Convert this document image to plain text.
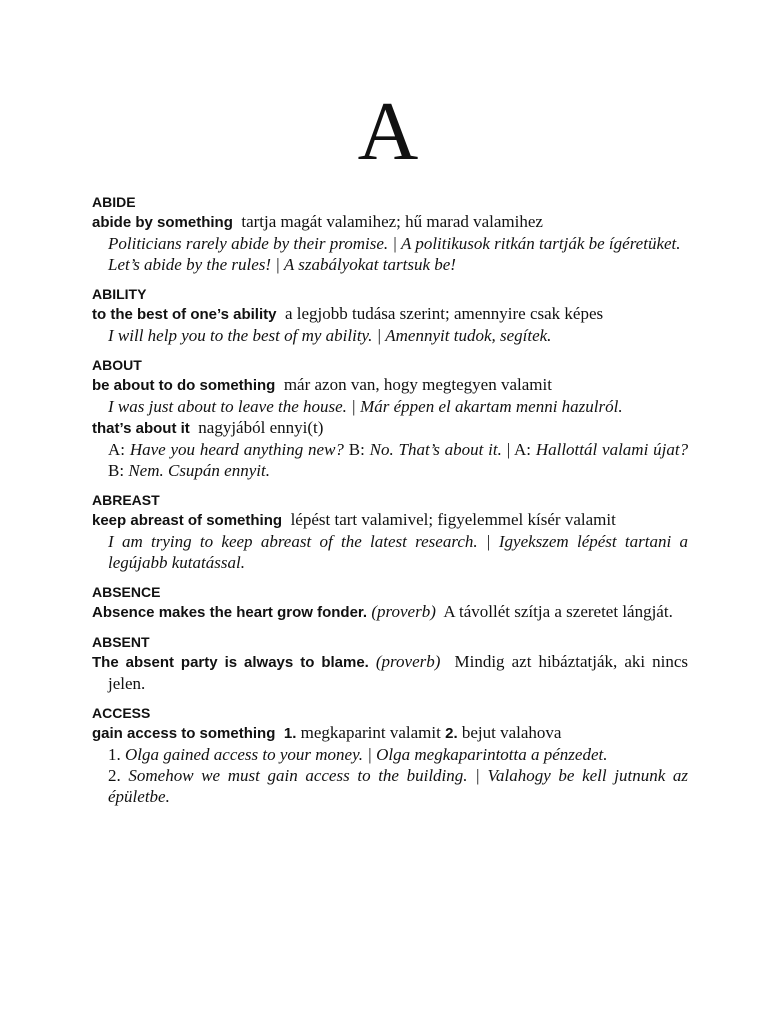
A
ABIDE
abide by something tartja magát valamihez; hű marad valamihez
Politicians rarely abide by their promise. | A politikusok ritkán tartják be ígéretüket.
Let’s abide by the rules! | A szabályokat tartsuk be!
ABILITY
to the best of one’s ability a legjobb tudása szerint; amennyire csak képes
I will help you to the best of my ability. | Amennyit tudok, segítek.
ABOUT
be about to do something már azon van, hogy megtegyen valamit
I was just about to leave the house. | Már éppen el akartam menni hazulról.
that’s about it nagyjából ennyi(t)
A: Have you heard anything new? B: No. That’s about it. | A: Hallottál valami újat? B: Nem. Csupán ennyit.
ABREAST
keep abreast of something lépést tart valamivel; figyelemmel kísér valamit
I am trying to keep abreast of the latest research. | Igyekszem lépést tartani a legújabb kutatással.
ABSENCE
Absence makes the heart grow fonder. (proverb) A távollét szítja a szeretet lángját.
ABSENT
The absent party is always to blame. (proverb) Mindig azt hibáztatják, aki nincs jelen.
ACCESS
gain access to something 1. megkaparint valamit 2. bejut valahova
1. Olga gained access to your money. | Olga megkaparintotta a pénzedet.
2. Somehow we must gain access to the building. | Valahogy be kell jutnunk az épületbe.
